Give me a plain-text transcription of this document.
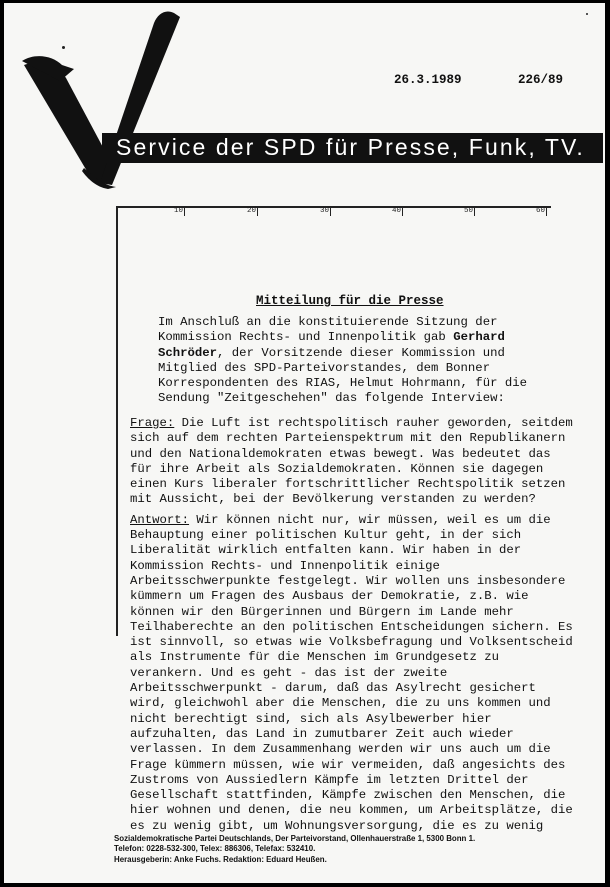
26.3.1989	226/89
Service der SPD für Presse, Funk, TV.
10	20	30	40	50	60
Mitteilung für die Presse
Im Anschluß an die konstituierende Sitzung der
Kommission Rechts- und Innenpolitik gab Gerhard
Schröder, der Vorsitzende dieser Kommission und
Mitglied des SPD-Parteivorstandes, dem Bonner
Korrespondenten des RIAS, Helmut Hohrmann, für die
Sendung "Zeitgeschehen" das folgende Interview:

Frage: Die Luft ist rechtspolitisch rauher geworden, seitdem
sich auf dem rechten Parteienspektrum mit den Republikanern
und den Nationaldemokraten etwas bewegt. Was bedeutet das
für ihre Arbeit als Sozialdemokraten. Können sie dagegen
einen Kurs liberaler fortschrittlicher Rechtspolitik setzen
mit Aussicht, bei der Bevölkerung verstanden zu werden?

Antwort: Wir können nicht nur, wir müssen, weil es um die
Behauptung einer politischen Kultur geht, in der sich
Liberalität wirklich entfalten kann. Wir haben in der
Kommission Rechts- und Innenpolitik einige
Arbeitsschwerpunkte festgelegt. Wir wollen uns insbesondere
kümmern um Fragen des Ausbaus der Demokratie, z.B. wie
können wir den Bürgerinnen und Bürgern im Lande mehr
Teilhaberechte an den politischen Entscheidungen sichern. Es
ist sinnvoll, so etwas wie Volksbefragung und Volksentscheid
als Instrumente für die Menschen im Grundgesetz zu
verankern. Und es geht - das ist der zweite
Arbeitsschwerpunkt - darum, daß das Asylrecht gesichert
wird, gleichwohl aber die Menschen, die zu uns kommen und
nicht berechtigt sind, sich als Asylbewerber hier
aufzuhalten, das Land in zumutbarer Zeit auch wieder
verlassen. In dem Zusammenhang werden wir uns auch um die
Frage kümmern müssen, wie wir vermeiden, daß angesichts des
Zustroms von Aussiedlern Kämpfe im letzten Drittel der
Gesellschaft stattfinden, Kämpfe zwischen den Menschen, die
hier wohnen und denen, die neu kommen, um Arbeitsplätze, die
es zu wenig gibt, um Wohnungsversorgung, die es zu wenig

Sozialdemokratische Partei Deutschlands, Der Parteivorstand, Ollenhauerstraße 1, 5300 Bonn 1.
Telefon: 0228-532-300, Telex: 886306, Telefax: 532410.
Herausgeberin: Anke Fuchs. Redaktion: Eduard Heußen.
